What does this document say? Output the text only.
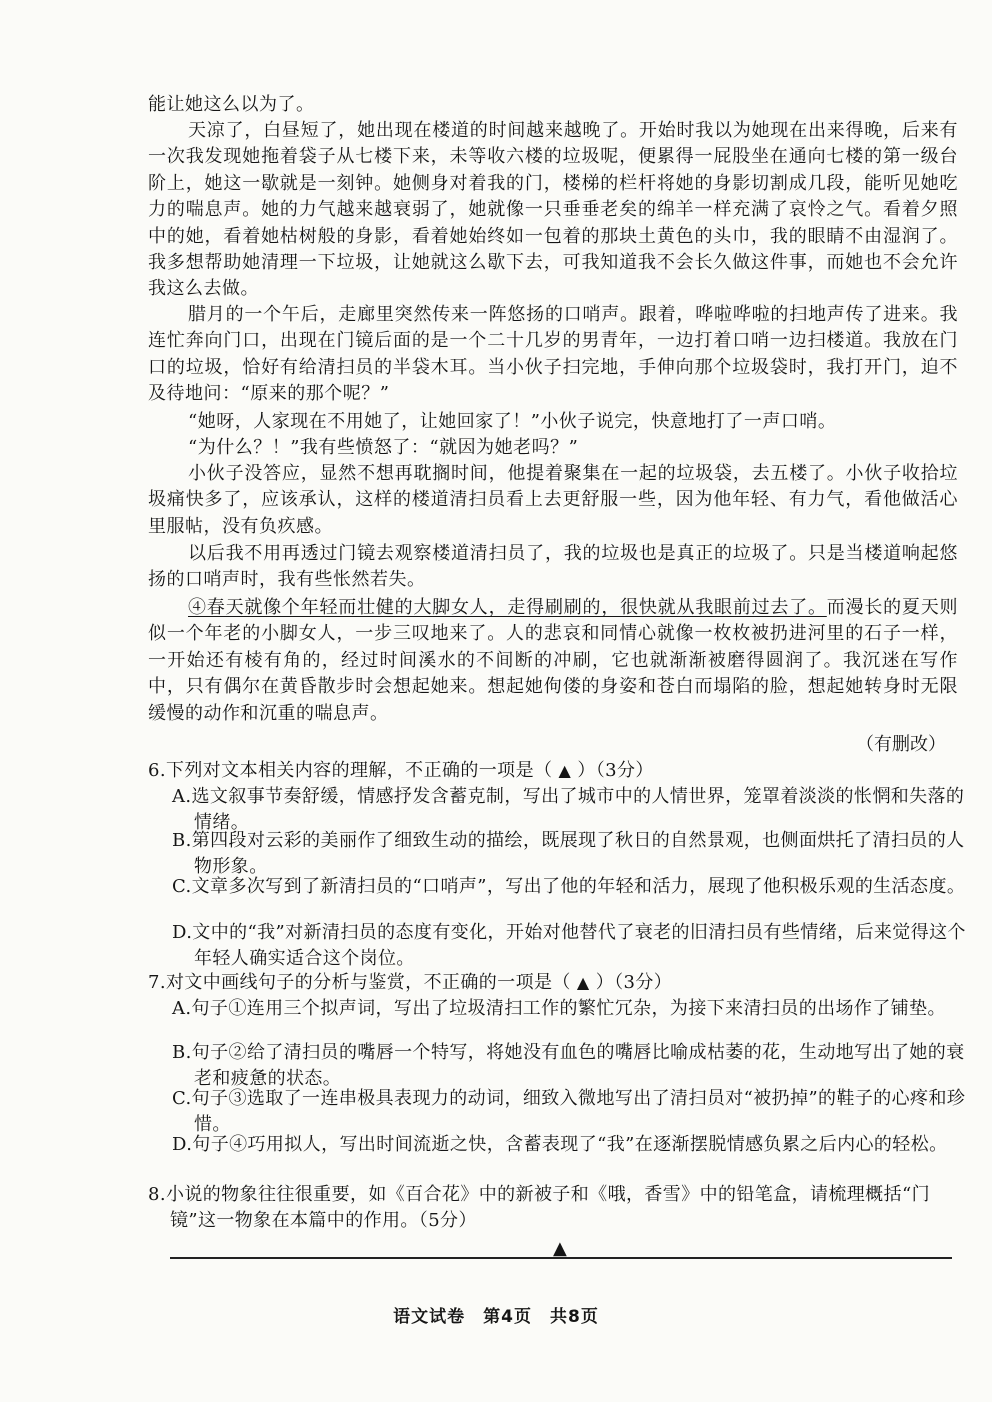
能让她这么以为了。
天凉了，白昼短了，她出现在楼道的时间越来越晚了。开始时我以为她现在出来得晚，后来有一次我发现她拖着袋子从七楼下来，未等收六楼的垃圾呢，便累得一屁股坐在通向七楼的第一级台阶上，她这一歇就是一刻钟。她侧身对着我的门，楼梯的栏杆将她的身影切割成几段，能听见她吃力的喘息声。她的力气越来越衰弱了，她就像一只垂垂老矣的绵羊一样充满了哀怜之气。看着夕照中的她，看着她枯树般的身影，看着她始终如一包着的那块土黄色的头巾，我的眼睛不由湿润了。我多想帮助她清理一下垃圾，让她就这么歇下去，可我知道我不会长久做这件事，而她也不会允许我这么去做。
腊月的一个午后，走廊里突然传来一阵悠扬的口哨声。跟着，哗啦哗啦的扫地声传了进来。我连忙奔向门口，出现在门镜后面的是一个二十几岁的男青年，一边打着口哨一边扫楼道。我放在门口的垃圾，恰好有给清扫员的半袋木耳。当小伙子扫完地，手伸向那个垃圾袋时，我打开门，迫不及待地问：“原来的那个呢？”
“她呀，人家现在不用她了，让她回家了！”小伙子说完，快意地打了一声口哨。
“为什么？！”我有些愤怒了：“就因为她老吗？”
小伙子没答应，显然不想再耽搁时间，他提着聚集在一起的垃圾袋，去五楼了。小伙子收拾垃圾痛快多了，应该承认，这样的楼道清扫员看上去更舒服一些，因为他年轻、有力气，看他做活心里服帖，没有负疚感。
以后我不用再透过门镜去观察楼道清扫员了，我的垃圾也是真正的垃圾了。只是当楼道响起悠扬的口哨声时，我有些怅然若失。
④春天就像个年轻而壮健的大脚女人，走得刷刷的，很快就从我眼前过去了。而漫长的夏天则似一个年老的小脚女人，一步三叹地来了。人的悲哀和同情心就像一枚枚被扔进河里的石子一样，一开始还有棱有角的，经过时间溪水的不间断的冲刷，它也就渐渐被磨得圆润了。我沉迷在写作中，只有偶尔在黄昏散步时会想起她来。想起她佝偻的身姿和苍白而塌陷的脸，想起她转身时无限缓慢的动作和沉重的喘息声。
（有删改）
6.下列对文本相关内容的理解，不正确的一项是（ ▲ ）（3分）
A.选文叙事节奏舒缓，情感抒发含蓄克制，写出了城市中的人情世界，笼罩着淡淡的怅惘和失落的情绪。
B.第四段对云彩的美丽作了细致生动的描绘，既展现了秋日的自然景观，也侧面烘托了清扫员的人物形象。
C.文章多次写到了新清扫员的“口哨声”，写出了他的年轻和活力，展现了他积极乐观的生活态度。
D.文中的“我”对新清扫员的态度有变化，开始对他替代了衰老的旧清扫员有些情绪，后来觉得这个年轻人确实适合这个岗位。
7.对文中画线句子的分析与鉴赏，不正确的一项是（ ▲ ）（3分）
A.句子①连用三个拟声词，写出了垃圾清扫工作的繁忙冗杂，为接下来清扫员的出场作了铺垫。
B.句子②给了清扫员的嘴唇一个特写，将她没有血色的嘴唇比喻成枯萎的花，生动地写出了她的衰老和疲惫的状态。
C.句子③选取了一连串极具表现力的动词，细致入微地写出了清扫员对“被扔掉”的鞋子的心疼和珍惜。
D.句子④巧用拟人，写出时间流逝之快，含蓄表现了“我”在逐渐摆脱情感负累之后内心的轻松。
8.小说的物象往往很重要，如《百合花》中的新被子和《哦，香雪》中的铅笔盒，请梳理概括“门镜”这一物象在本篇中的作用。（5分）
▲
语文试卷　第4页　共8页
